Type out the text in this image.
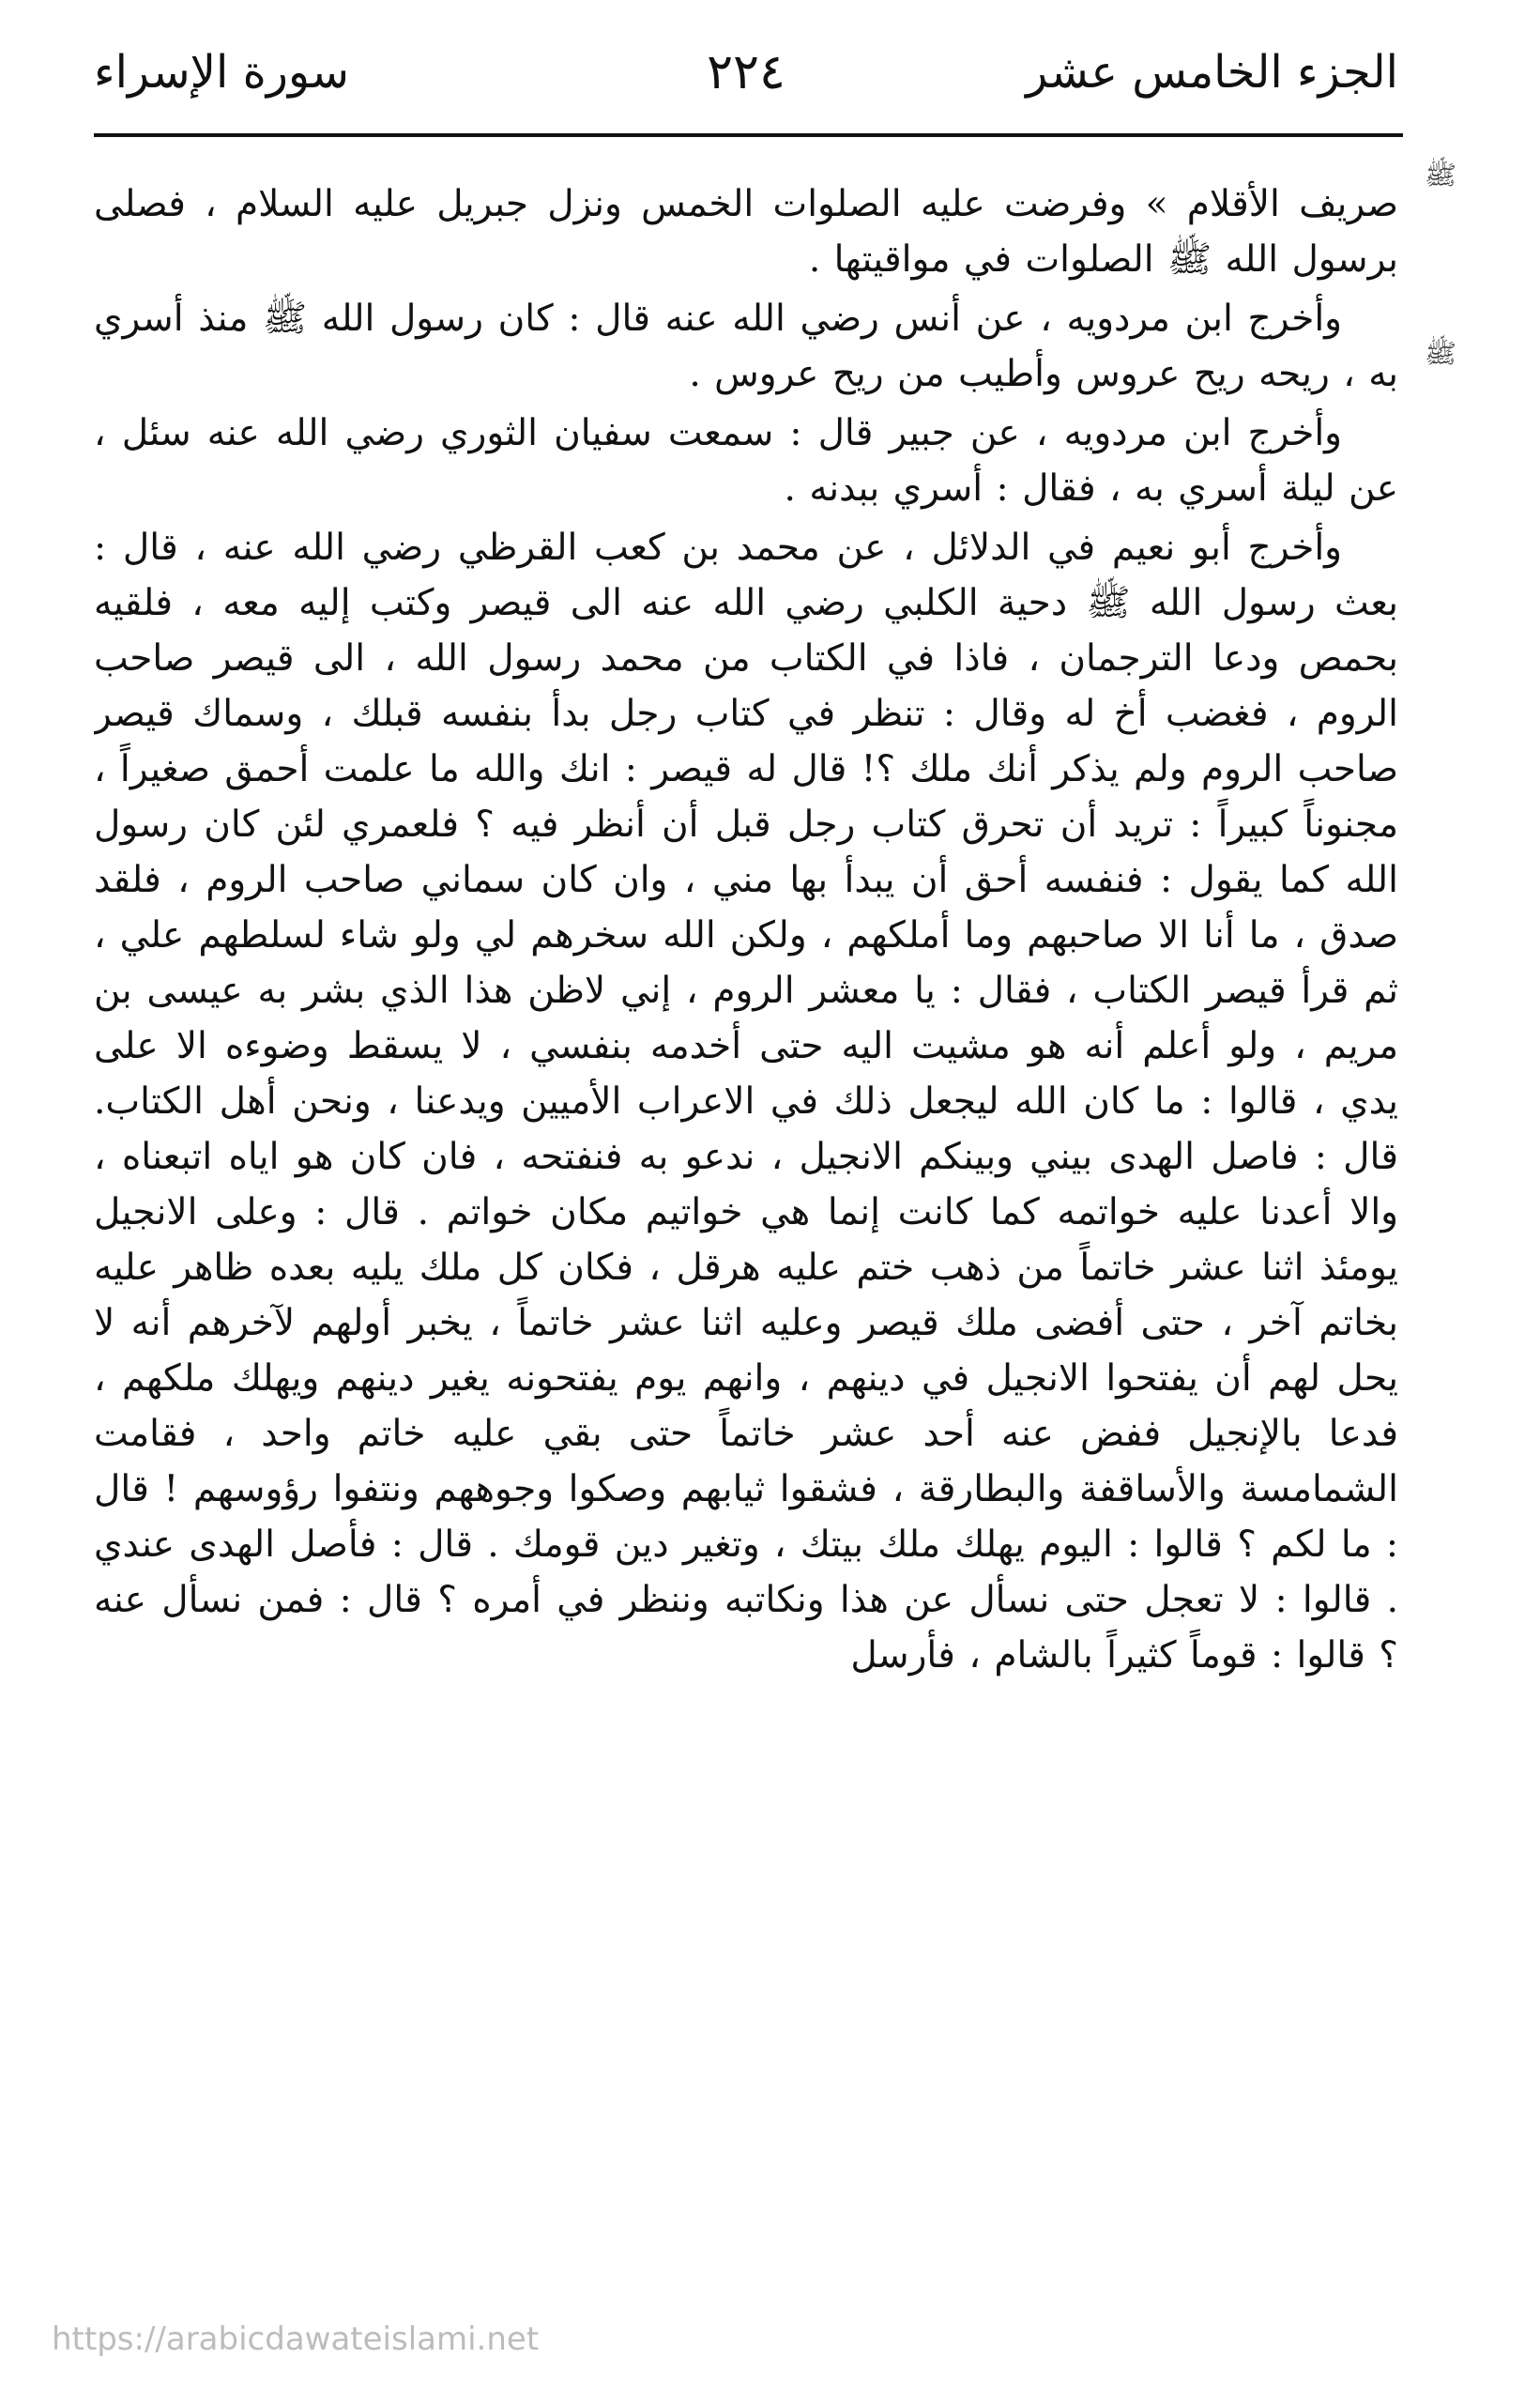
الجزء الخامس عشر
٢٢٤
سورة الإسراء
ﷺ
ﷺ

صريف الأقلام » وفرضت عليه الصلوات الخمس ونزل جبريل عليه السلام ، فصلى برسول الله ﷺ الصلوات في مواقيتها .

وأخرج ابن مردويه ، عن أنس رضي الله عنه قال : كان رسول الله ﷺ منذ أسري به ، ريحه ريح عروس وأطيب من ريح عروس .

وأخرج ابن مردويه ، عن جبير قال : سمعت سفيان الثوري رضي الله عنه سئل ، عن ليلة أسري به ، فقال : أسري ببدنه .

وأخرج أبو نعيم في الدلائل ، عن محمد بن كعب القرظي رضي الله عنه ، قال : بعث رسول الله ﷺ دحية الكلبي رضي الله عنه الى قيصر وكتب إليه معه ، فلقيه بحمص ودعا الترجمان ، فاذا في الكتاب من محمد رسول الله ، الى قيصر صاحب الروم ، فغضب أخ له وقال : تنظر في كتاب رجل بدأ بنفسه قبلك ، وسماك قيصر صاحب الروم ولم يذكر أنك ملك ؟! قال له قيصر : انك والله ما علمت أحمق صغيراً ، مجنوناً كبيراً : تريد أن تحرق كتاب رجل قبل أن أنظر فيه ؟ فلعمري لئن كان رسول الله كما يقول : فنفسه أحق أن يبدأ بها مني ، وان كان سماني صاحب الروم ، فلقد صدق ، ما أنا الا صاحبهم وما أملكهم ، ولكن الله سخرهم لي ولو شاء لسلطهم علي ، ثم قرأ قيصر الكتاب ، فقال : يا معشر الروم ، إني لاظن هذا الذي بشر به عيسى بن مريم ، ولو أعلم أنه هو مشيت اليه حتى أخدمه بنفسي ، لا يسقط وضوءه الا على يدي ، قالوا : ما كان الله ليجعل ذلك في الاعراب الأميين ويدعنا ، ونحن أهل الكتاب. قال : فاصل الهدى بيني وبينكم الانجيل ، ندعو به فنفتحه ، فان كان هو اياه اتبعناه ، والا أعدنا عليه خواتمه كما كانت إنما هي خواتيم مكان خواتم . قال : وعلى الانجيل يومئذ اثنا عشر خاتماً من ذهب ختم عليه هرقل ، فكان كل ملك يليه بعده ظاهر عليه بخاتم آخر ، حتى أفضى ملك قيصر وعليه اثنا عشر خاتماً ، يخبر أولهم لآخرهم أنه لا يحل لهم أن يفتحوا الانجيل في دينهم ، وانهم يوم يفتحونه يغير دينهم ويهلك ملكهم ، فدعا بالإنجيل ففض عنه أحد عشر خاتماً حتى بقي عليه خاتم واحد ، فقامت الشمامسة والأساقفة والبطارقة ، فشقوا ثيابهم وصكوا وجوههم ونتفوا رؤوسهم ! قال : ما لكم ؟ قالوا : اليوم يهلك ملك بيتك ، وتغير دين قومك . قال : فأصل الهدى عندي . قالوا : لا تعجل حتى نسأل عن هذا ونكاتبه وننظر في أمره ؟ قال : فمن نسأل عنه ؟ قالوا : قوماً كثيراً بالشام ، فأرسل

https://arabicdawateislami.net
